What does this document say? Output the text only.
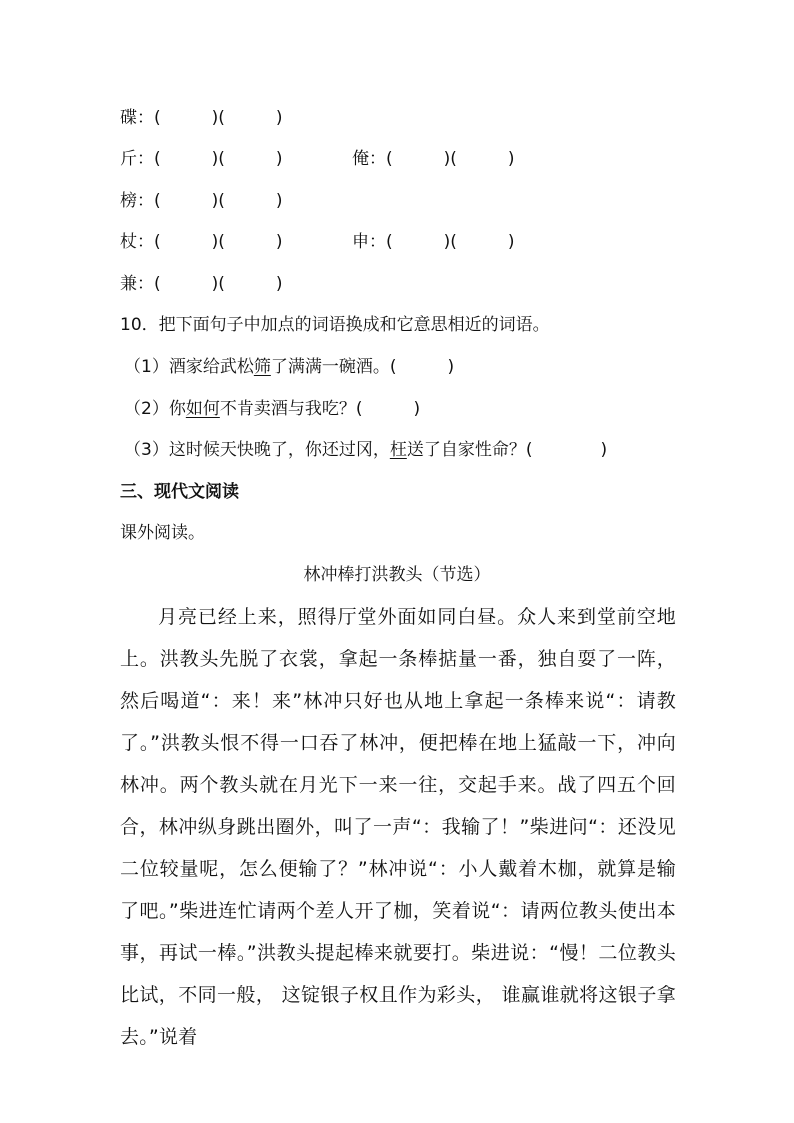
碟：(　　　)(　　　)
斤：(　　　)(　　　)	俺：(　　　)(　　　)
榜：(　　　)(　　　)
杖：(　　　)(　　　)	申：(　　　)(　　　)
兼：(　　　)(　　　)
10．把下面句子中加点的词语换成和它意思相近的词语。
（1）酒家给武松筛了满满一碗酒。(　　　)
（2）你如何不肯卖酒与我吃？(　　　)
（3）这时候天快晚了，你还过冈，枉送了自家性命？(　　　　)
三、现代文阅读
课外阅读。
林冲棒打洪教头（节选）
月亮已经上来，照得厅堂外面如同白昼。众人来到堂前空地上。洪教头先脱了衣裳，拿起一条棒掂量一番，独自耍了一阵，然后喝道“：来！来”林冲只好也从地上拿起一条棒来说“：请教了。”洪教头恨不得一口吞了林冲，便把棒在地上猛敲一下，冲向林冲。两个教头就在月光下一来一往，交起手来。战了四五个回合，林冲纵身跳出圈外，叫了一声“：我输了！”柴进问“：还没见二位较量呢，怎么便输了？”林冲说“：小人戴着木枷，就算是输了吧。”柴进连忙请两个差人开了枷，笑着说“：请两位教头使出本事，再试一棒。”洪教头提起棒来就要打。柴进说：“慢！二位教头比试，不同一般， 这锭银子权且作为彩头， 谁赢谁就将这银子拿去。”说着
